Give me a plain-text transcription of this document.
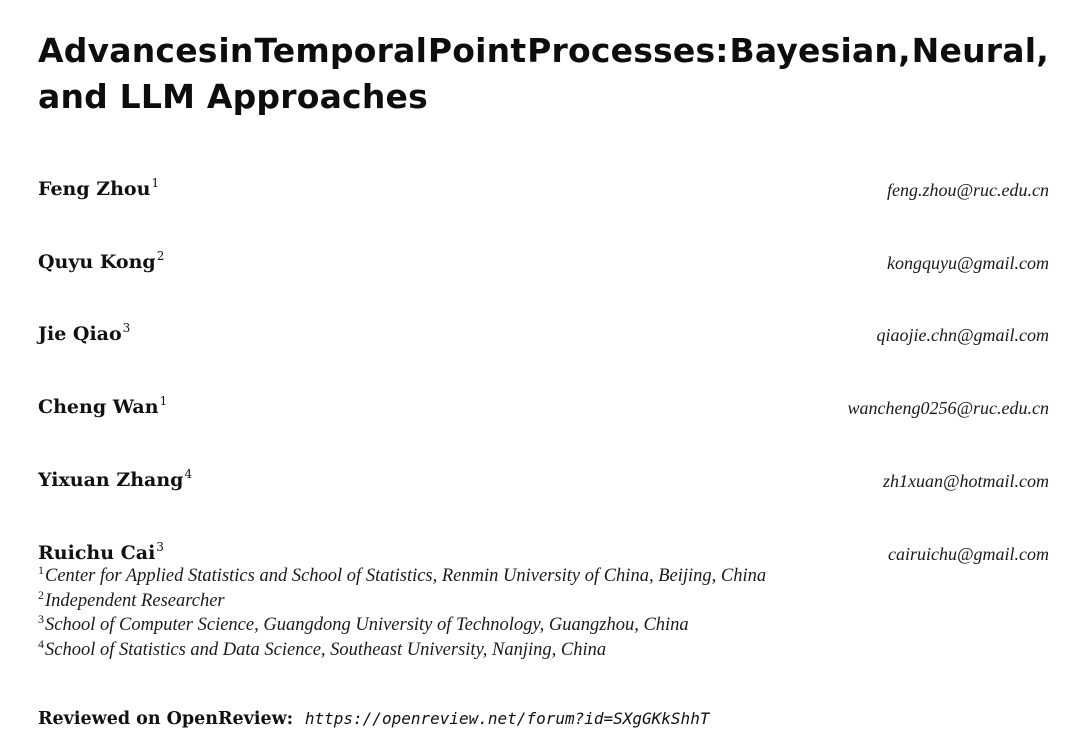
Advances in Temporal Point Processes: Bayesian, Neural,
and LLM Approaches
Feng Zhou$^1$	feng.zhou@ruc.edu.cn
Quyu Kong$^2$	kongquyu@gmail.com
Jie Qiao$^3$	qiaojie.chn@gmail.com
Cheng Wan$^1$	wancheng0256@ruc.edu.cn
Yixuan Zhang$^4$	zh1xuan@hotmail.com
Ruichu Cai$^3$	cairuichu@gmail.com
$^1$Center for Applied Statistics and School of Statistics, Renmin University of China, Beijing, China
$^2$Independent Researcher
$^3$School of Computer Science, Guangdong University of Technology, Guangzhou, China
$^4$School of Statistics and Data Science, Southeast University, Nanjing, China
Reviewed on OpenReview: https://openreview.net/forum?id=SXgGKkShhT
